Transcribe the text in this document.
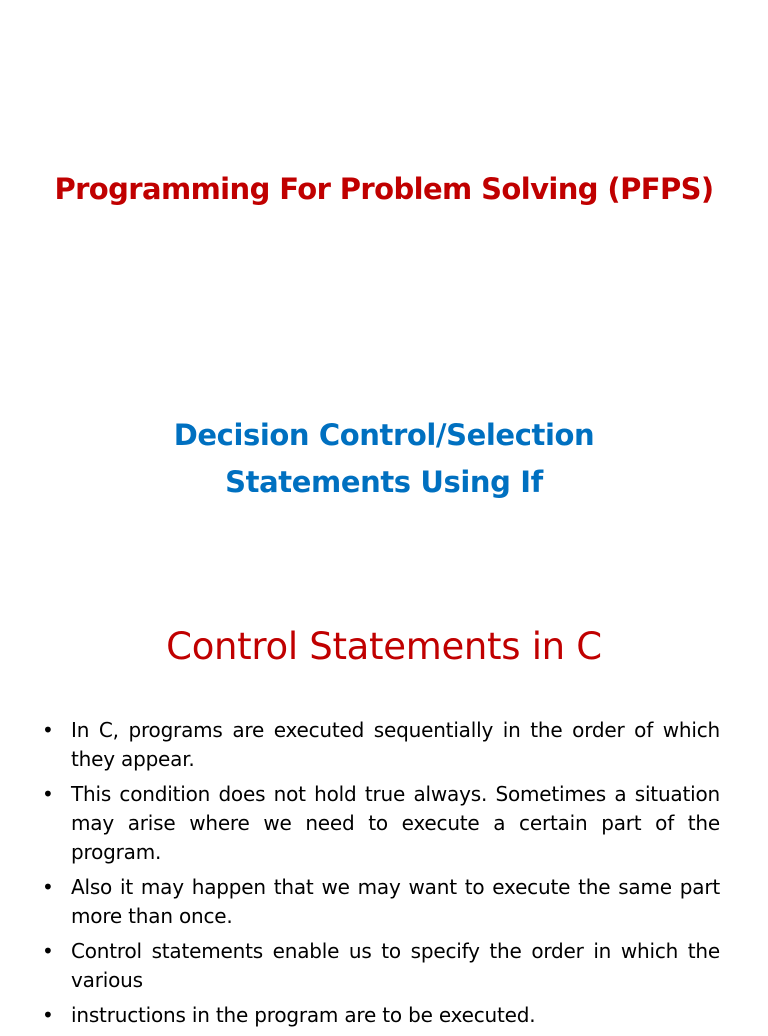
Programming For Problem Solving (PFPS)
Decision Control/Selection
Statements Using If
Control Statements in C
• In C, programs are executed sequentially in the order of which they appear.
• This condition does not hold true always. Sometimes a situation may arise where we need to execute a certain part of the program.
• Also it may happen that we may want to execute the same part more than once.
• Control statements enable us to specify the order in which the various
• instructions in the program are to be executed.
